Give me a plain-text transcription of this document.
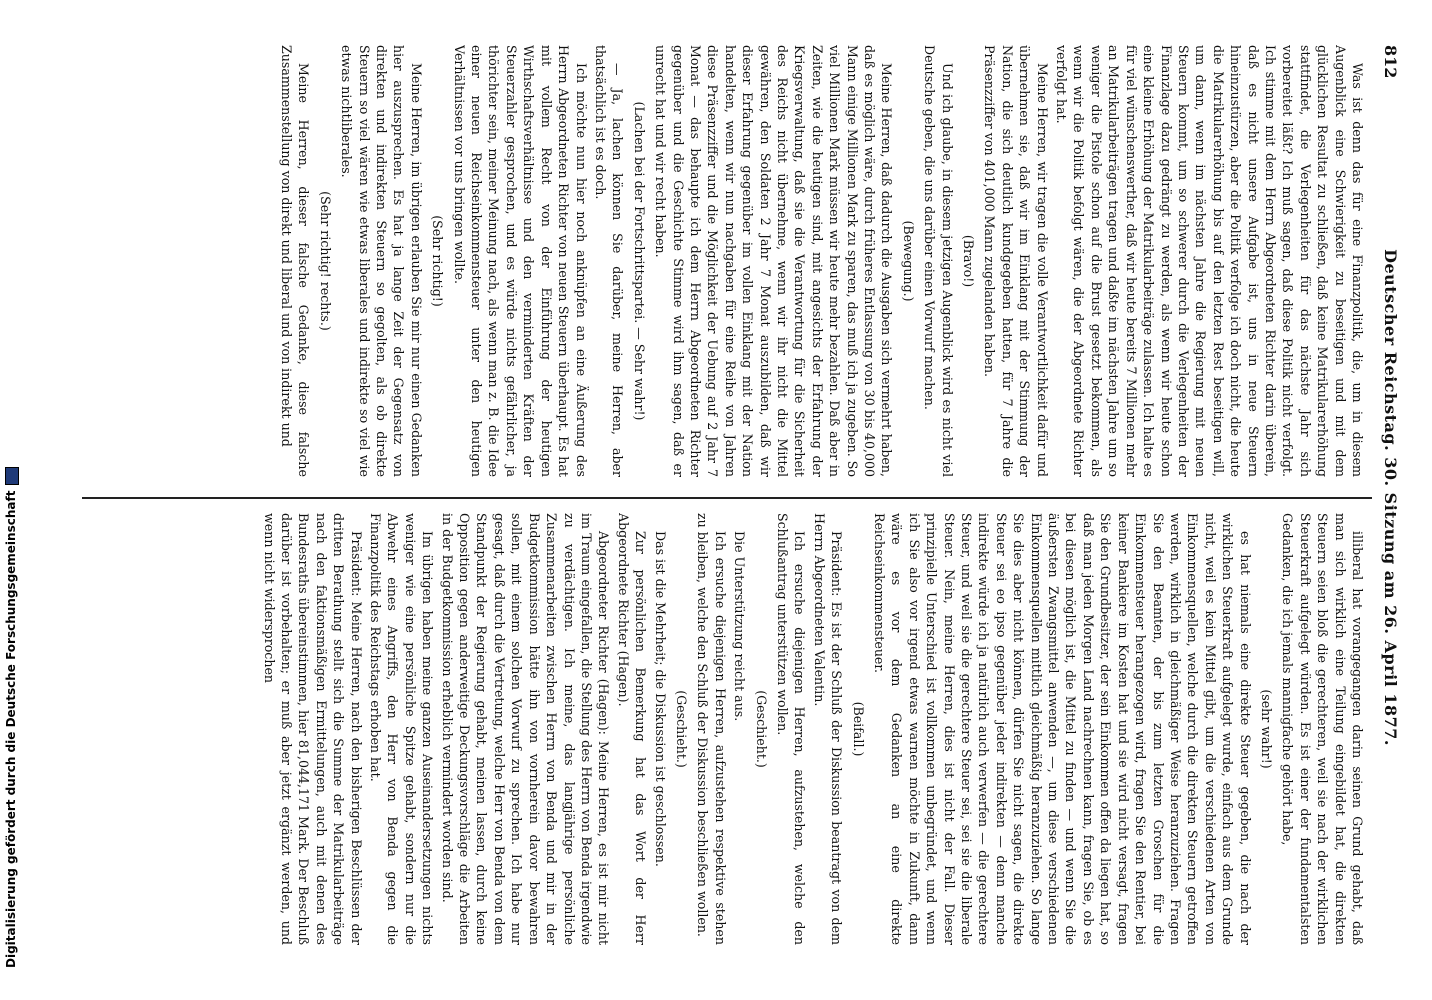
812
Deutscher Reichstag. 30. Sitzung am 26. April 1877.

Was ist denn das für eine Finanzpolitik, die, um in diesem Augenblick eine Schwierigkeit zu beseitigen und mit dem glücklichen Resultat zu schließen, daß keine Matrikularerhöhung stattfindet, die Verlegenheiten für das nächste Jahr sich vorbereitet läßt? Ich muß sagen, daß diese Politik nicht verfolgt. Ich stimme mit dem Herrn Abgeordneten Richter darin überein, daß es nicht unsere Aufgabe ist, uns in neue Steuern hineinzustürzen, aber die Politik verfolge ich doch nicht, die heute die Matrikularerhöhung bis auf den letzten Rest beseitigen will, um dann, wenn im nächsten Jahre die Regierung mit neuen Steuern kommt, um so schwerer durch die Verlegenheiten der Finanzlage dazu gedrängt zu werden, als wenn wir heute schon eine kleine Erhöhung der Matrikularbeiträge zulassen. Ich halte es für viel wünschenswerther, daß wir heute bereits 7 Millionen mehr an Matrikularbeiträgen tragen und daßte im nächsten Jahre um so weniger die Pistole schon auf die Brust gesetzt bekommen, als wenn wir die Politik befolgt wären, die der Abgeordnete Richter verfolgt hat.

Meine Herren, wir tragen die volle Verantwortlichkeit dafür und übernehmen sie, daß wir im Einklang mit der Stimmung der Nation, die sich deutlich kundgegeben hatten, für 7 Jahre die Präsenzziffer von 401,000 Mann zugelanden haben.

(Bravo!)

Und ich glaube, in diesem jetzigen Augenblick wird es nicht viel Deutsche geben, die uns darüber einen Vorwurf machen.

(Bewegung.)

Meine Herren, daß dadurch die Ausgaben sich vermehrt haben, daß es möglich wäre, durch früheres Entlassung von 30 bis 40,000 Mann einige Millionen Mark zu sparen, das muß ich ja zugeben. So viel Millionen Mark müssen wir heute mehr bezahlen. Daß aber in Zeiten, wie die heutigen sind, mit angesichts der Erfahrung der Kriegsverwaltung, daß sie die Verantwortung für die Sicherheit des Reichs nicht übernehme, wenn wir ihr nicht die Mittel gewähren, den Soldaten 2 Jahr 7 Monat auszubilden, daß wir dieser Erfahrung gegenüber im vollen Einklang mit der Nation handelten, wenn wir nun nachgaben für eine Reihe von Jahren diese Präsenzziffer und die Möglichkeit der Uebung auf 2 Jahr 7 Monat — das behaupte ich dem Herrn Abgeordneten Richter gegenüber und die Geschichte Stimme wird ihm sagen, daß er unrecht hat und wir recht haben.

(Lachen bei der Fortschrittspartei. — Sehr wahr!)

— Ja, lachen können Sie darüber, meine Herren, aber thatsächlich ist es doch.

Ich möchte nun hier noch anknüpfen an eine Äußerung des Herrn Abgeordneten Richter von neuen Steuern überhaupt. Es hat mit vollem Recht von der Einführung der heutigen Wirthschaftsverhältnisse und den verminderten Kräften der Steuerzahler gesprochen, und es würde nichts gefährlicher, ja thörichter sein, meiner Meinung nach, als wenn man z. B. die Idee einer neuen Reichseinkommensteuer unter den heutigen Verhältnissen vor uns bringen wollte.

(Sehr richtig!)

Meine Herren, im übrigen erlauben Sie mir nur einen Gedanken hier auszusprechen. Es hat ja lange Zeit der Gegensatz von direkten und indirekten Steuern so gegolten, als ob direkte Steuern so viel wären wie etwas liberales und indirekte so viel wie etwas nichtliberales.

(Sehr richtig! rechts.)

Meine Herren, dieser falsche Gedanke, diese falsche Zusammenstellung von direkt und liberal und von indirekt und

illiberal hat vorangegangen darin seinen Grund gehabt, daß man sich wirklich eine Teilung eingebildet hat, die direkten Steuern seien bloß die gerechteren, weil sie nach der wirklichen Steuerkraft aufgelegt würden. Es ist einer der fundamentalsten Gedanken, die ich jemals mannigfache gehört habe,

(sehr wahr!)

es hat niemals eine direkte Steuer gegeben, die nach der wirklichen Steuerkraft aufgelegt wurde, einfach aus dem Grunde nicht, weil es kein Mittel gibt, um die verschiedenen Arten von Einkommensquellen, welche durch die direkten Steuern getroffen werden, wirklich in gleichmäßiger Weise heranzuziehen. Fragen Sie den Beamten, der bis zum letzten Groschen für die Einkommensteuer herangezogen wird, fragen Sie den Rentier, bei keiner Bankiere im Kosten hat und sie wird nicht versagt, fragen Sie den Grundbesitzer, der sein Einkommen offen da liegen hat, so daß man jeden Morgen Land nachrechnen kann, fragen Sie, ob es bei diesen möglich ist, die Mittel zu finden — und wenn Sie die äußersten Zwangsmittel anwenden —, um diese verschiedenen Einkommensquellen mittlich gleichmäßig heranzuziehen. So lange Sie dies aber nicht können, dürfen Sie nicht sagen, die direkte Steuer sei eo ipso gegenüber jeder indirekten — denn manche indirekte würde ich ja natürlich auch verwerfen — die gerechtere Steuer, und weil sie die gerechtere Steuer sei, sei sie die liberale Steuer. Nein, meine Herren, dies ist nicht der Fall. Dieser prinzipielle Unterschied ist vollkommen unbegründet, und wenn ich Sie also vor irgend etwas warnen möchte in Zukunft, dann wäre es vor dem Gedanken an eine direkte Reichseinkommensteuer.

(Beifall.)

Präsident: Es ist der Schluß der Diskussion beantragt von dem Herrn Abgeordneten Valentin.

Ich ersuche diejenigen Herren, aufzustehen, welche den Schlußantrag unterstützen wollen.

(Geschieht.)

Die Unterstützung reicht aus.

Ich ersuche diejenigen Herren, aufzustehen respektive stehen zu bleiben, welche den Schluß der Diskussion beschließen wollen.

(Geschieht.)

Das ist die Mehrheit; die Diskussion ist geschlossen.

Zur persönlichen Bemerkung hat das Wort der Herr Abgeordnete Richter (Hagen).

Abgeordneter Richter (Hagen): Meine Herren, es ist mir nicht im Traum eingefallen, die Stellung des Herrn von Benda irgendwie zu verdächtigen. Ich meine, das langjährige persönliche Zusammenarbeiten zwischen Herrn von Benda und mir in der Budgetkommission hätte ihn von vornherein davor bewahren sollen, mit einem solchen Vorwurf zu sprechen. Ich habe nur gesagt, daß durch die Vertretung, welche Herr von Benda von dem Standpunkt der Regierung gehabt, meinen lassen, durch keine Opposition gegen anderweitige Deckungsvorschläge die Arbeiten in der Budgetkommission erheblich vermindert worden sind.

Im übrigen haben meine ganzen Auseinandersetzungen nichts weniger wie eine persönliche Spitze gehabt, sondern nur die Abwehr eines Angriffs, den Herr von Benda gegen die Finanzpolitik des Reichstags erhoben hat.

Präsident: Meine Herren, nach den bisherigen Beschlüssen der dritten Berathung stellt sich die Summe der Matrikularbeiträge nach den faktionsmäßigen Ermittelungen, auch mit denen des Bundesraths übereinstimmen, hier 81,044,171 Mark. Der Beschluß darüber ist vorbehalten; er muß aber jetzt ergänzt werden, und wenn nicht widersprochen

Digitalisierung gefördert durch die Deutsche Forschungsgemeinschaft
